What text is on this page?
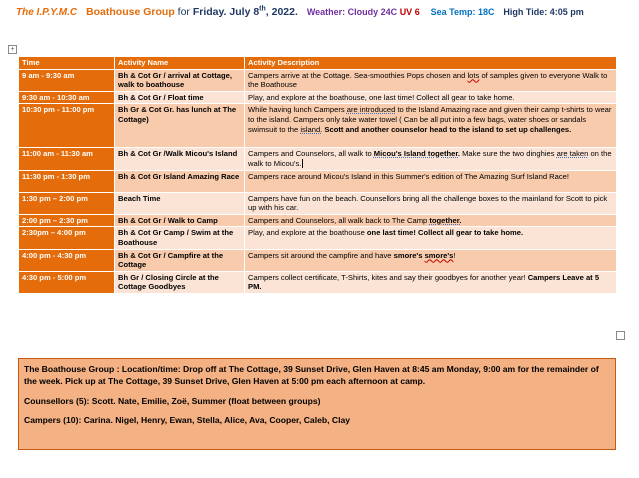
The I.P.Y.M.C Boathouse Group for Friday. July 8th, 2022. Weather: Cloudy 24C UV 6 Sea Temp: 18C High Tide: 4:05 pm
+
Time	Activity Name	Activity Description
9 am - 9:30 am	Bh & Cot Gr / arrival at Cottage, walk to boathouse	Campers arrive at the Cottage. Sea-smoothies Pops chosen and lots of samples given to everyone Walk to the Boathouse
9:30 am - 10:30 am	Bh & Cot Gr / Float time	Play, and explore at the boathouse, one last time! Collect all gear to take home.
10:30 pm - 11:00 pm	Bh Gr & Cot Gr. has lunch at The Cottage)	While having lunch Campers are introduced to the Island Amazing race and given their camp t-shirts to wear to the island. Campers only take water towel ( Can be all put into a few bags, water shoes or sandals swimsuit to the island. Scott and another counselor head to the island to set up challenges.
11:00 am - 11:30 am	Bh & Cot Gr /Walk Micou's Island	Campers and Counselors, all walk to Micou's Island together. Make sure the two dinghies are taken on the walk to Micou's.
11:30 pm - 1:30 pm	Bh & Cot Gr Island Amazing Race	Campers race around Micou's Island in this Summer's edition of The Amazing Surf Island Race!
1:30 pm – 2:00 pm	Beach Time	Campers have fun on the beach. Counsellors bring all the challenge boxes to the mainland for Scott to pick up with his car.
2:00 pm – 2:30 pm	Bh & Cot Gr / Walk to Camp	Campers and Counselors, all walk back to The Camp together.
2:30pm – 4:00 pm	Bh & Cot Gr Camp / Swim at the Boathouse	Play, and explore at the boathouse one last time! Collect all gear to take home.
4:00 pm - 4:30 pm	Bh & Cot Gr / Campfire at the Cottage	Campers sit around the campfire and have smore's smore's!
4:30 pm - 5:00 pm	Bh Gr / Closing Circle at the Cottage Goodbyes	Campers collect certificate, T-Shirts, kites and say their goodbyes for another year! Campers Leave at 5 PM.

The Boathouse Group : Location/time: Drop off at The Cottage, 39 Sunset Drive, Glen Haven at 8:45 am Monday, 9:00 am for the remainder of the week. Pick up at The Cottage, 39 Sunset Drive, Glen Haven at 5:00 pm each afternoon at camp.

Counsellors (5): Scott. Nate, Emilie, Zoë, Summer (float between groups)

Campers (10): Carina. Nigel, Henry, Ewan, Stella, Alice, Ava, Cooper, Caleb, Clay
